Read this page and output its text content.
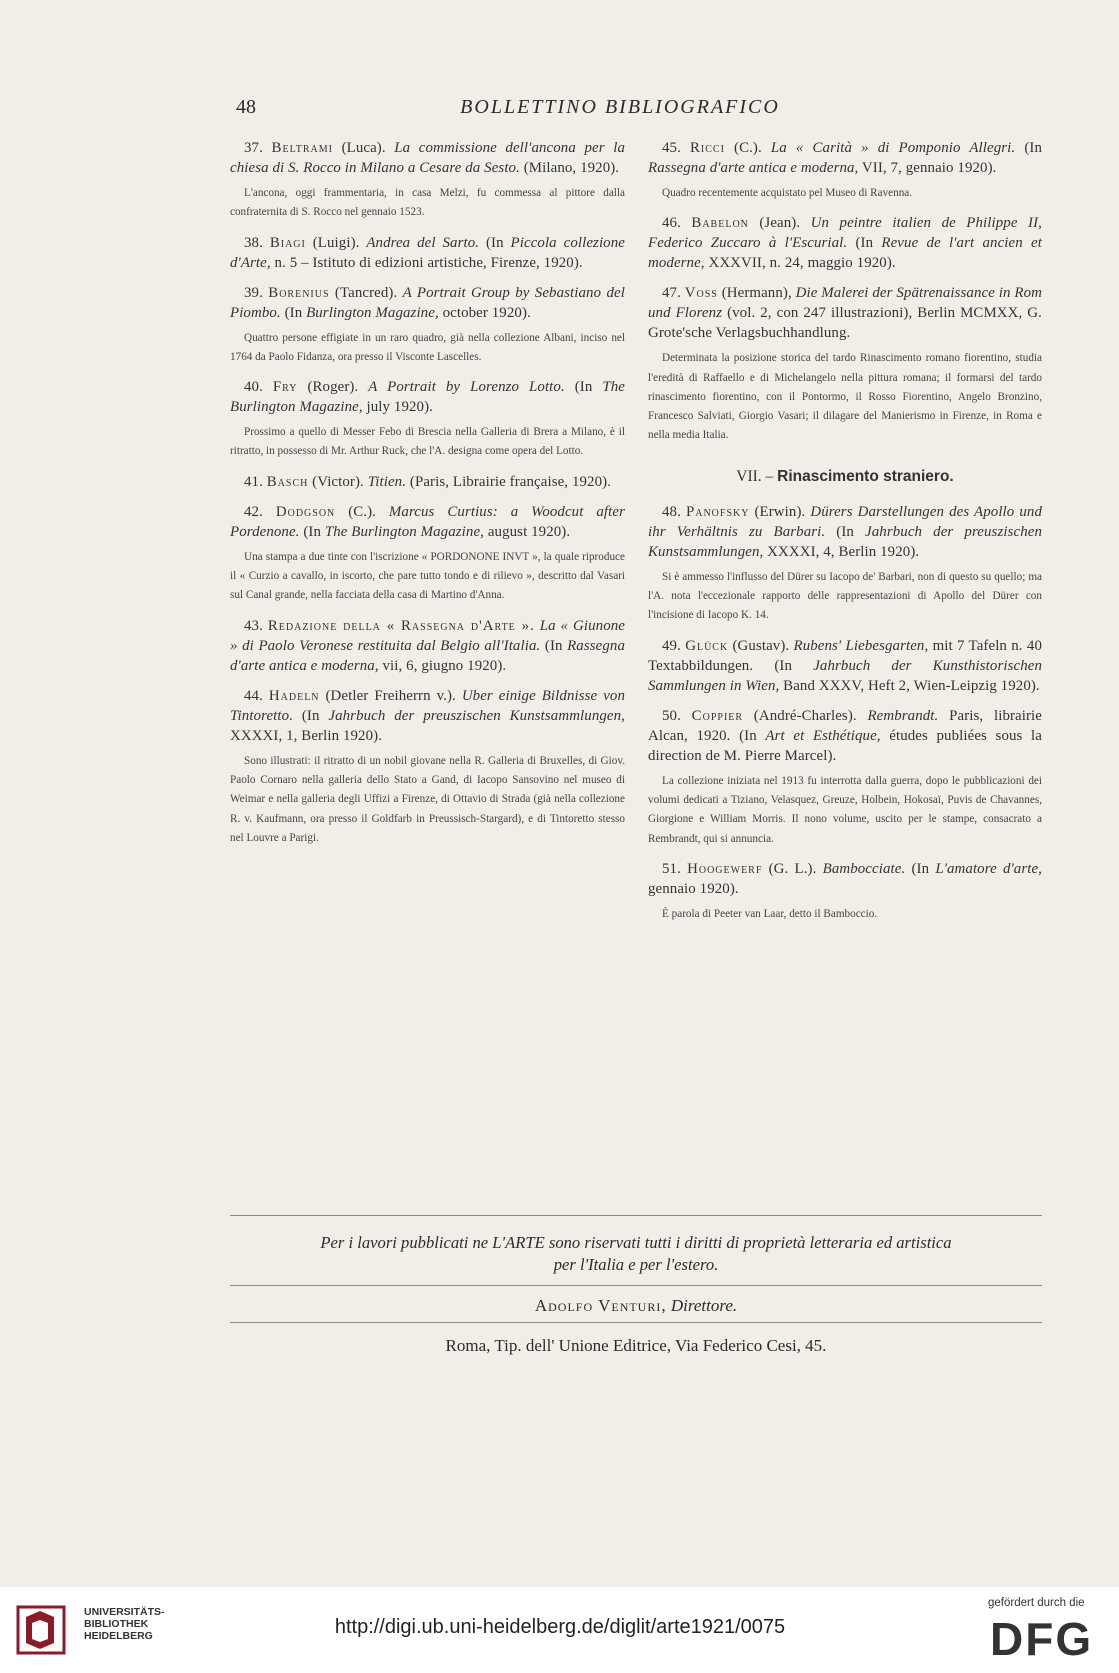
48	BOLLETTINO BIBLIOGRAFICO

37. Beltrami (Luca). La commissione dell'ancona per la chiesa di S. Rocco in Milano a Cesare da Sesto. (Milano, 1920).

L'ancona, oggi frammentaria, in casa Melzi, fu commessa al pittore dalla confraternita di S. Rocco nel gennaio 1523.

38. Biagi (Luigi). Andrea del Sarto. (In Piccola collezione d'Arte, n. 5 – Istituto di edizioni artistiche, Firenze, 1920).

39. Borenius (Tancred). A Portrait Group by Sebastiano del Piombo. (In Burlington Magazine, october 1920).

Quattro persone effigiate in un raro quadro, già nella collezione Albani, inciso nel 1764 da Paolo Fidanza, ora presso il Visconte Lascelles.

40. Fry (Roger). A Portrait by Lorenzo Lotto. (In The Burlington Magazine, july 1920).

Prossimo a quello di Messer Febo di Brescia nella Galleria di Brera a Milano, è il ritratto, in possesso di Mr. Arthur Ruck, che l'A. designa come opera del Lotto.

41. Basch (Victor). Titien. (Paris, Librairie française, 1920).

42. Dodgson (C.). Marcus Curtius: a Woodcut after Pordenone. (In The Burlington Magazine, august 1920).

Una stampa a due tinte con l'iscrizione « PORDONONE INVT », la quale riproduce il « Curzio a cavallo, in iscorto, che pare tutto tondo e di rilievo », descritto dal Vasari sul Canal grande, nella facciata della casa di Martino d'Anna.

43. Redazione della « Rassegna d'Arte ». La « Giunone » di Paolo Veronese restituita dal Belgio all'Italia. (In Rassegna d'arte antica e moderna, vii, 6, giugno 1920).

44. Hadeln (Detler Freiherrn v.). Uber einige Bildnisse von Tintoretto. (In Jahrbuch der preuszischen Kunstsammlungen, XXXXI, 1, Berlin 1920).

Sono illustrati: il ritratto di un nobil giovane nella R. Galleria di Bruxelles, di Giov. Paolo Cornaro nella galleria dello Stato a Gand, di Iacopo Sansovino nel museo di Weimar e nella galleria degli Uffizi a Firenze, di Ottavio di Strada (già nella collezione R. v. Kaufmann, ora presso il Goldfarb in Preussisch-Stargard), e di Tintoretto stesso nel Louvre a Parigi.

45. Ricci (C.). La « Carità » di Pomponio Allegri. (In Rassegna d'arte antica e moderna, VII, 7, gennaio 1920).

Quadro recentemente acquistato pel Museo di Ravenna.

46. Babelon (Jean). Un peintre italien de Philippe II, Federico Zuccaro à l'Escurial. (In Revue de l'art ancien et moderne, XXXVII, n. 24, maggio 1920).

47. Voss (Hermann), Die Malerei der Spätrenaissance in Rom und Florenz (vol. 2, con 247 illustrazioni), Berlin MCMXX, G. Grote'sche Verlagsbuchhandlung.

Determinata la posizione storica del tardo Rinascimento romano fiorentino, studia l'eredità di Raffaello e di Michelangelo nella pittura romana; il formarsi del tardo rinascimento fiorentino, con il Pontormo, il Rosso Fiorentino, Angelo Bronzino, Francesco Salviati, Giorgio Vasari; il dilagare del Manierismo in Firenze, in Roma e nella media Italia.

VII. – Rinascimento straniero.

48. Panofsky (Erwin). Dürers Darstellungen des Apollo und ihr Verhältnis zu Barbari. (In Jahrbuch der preuszischen Kunstsammlungen, XXXXI, 4, Berlin 1920).

Si è ammesso l'influsso del Dürer su Iacopo de' Barbari, non di questo su quello; ma l'A. nota l'eccezionale rapporto delle rappresentazioni di Apollo del Dürer con l'incisione di Iacopo K. 14.

49. Glück (Gustav). Rubens' Liebesgarten, mit 7 Tafeln n. 40 Textabbildungen. (In Jahrbuch der Kunsthistorischen Sammlungen in Wien, Band XXXV, Heft 2, Wien-Leipzig 1920).

50. Coppier (André-Charles). Rembrandt. Paris, librairie Alcan, 1920. (In Art et Esthétique, études publiées sous la direction de M. Pierre Marcel).

La collezione iniziata nel 1913 fu interrotta dalla guerra, dopo le pubblicazioni dei volumi dedicati a Tiziano, Velasquez, Greuze, Holbein, Hokosaï, Puvis de Chavannes, Giorgione e William Morris. Il nono volume, uscito per le stampe, consacrato a Rembrandt, qui si annuncia.

51. Hoogewerf (G. L.). Bambocciate. (In L'amatore d'arte, gennaio 1920).

È parola di Peeter van Laar, detto il Bamboccio.

Per i lavori pubblicati ne L'ARTE sono riservati tutti i diritti di proprietà letteraria ed artistica
per l'Italia e per l'estero.
Adolfo Venturi, Direttore.
Roma, Tip. dell' Unione Editrice, Via Federico Cesi, 45.
UNIVERSITÄTS-
BIBLIOTHEK
HEIDELBERG	http://digi.ub.uni-heidelberg.de/diglit/arte1921/0075
gefördert durch die
DFG
